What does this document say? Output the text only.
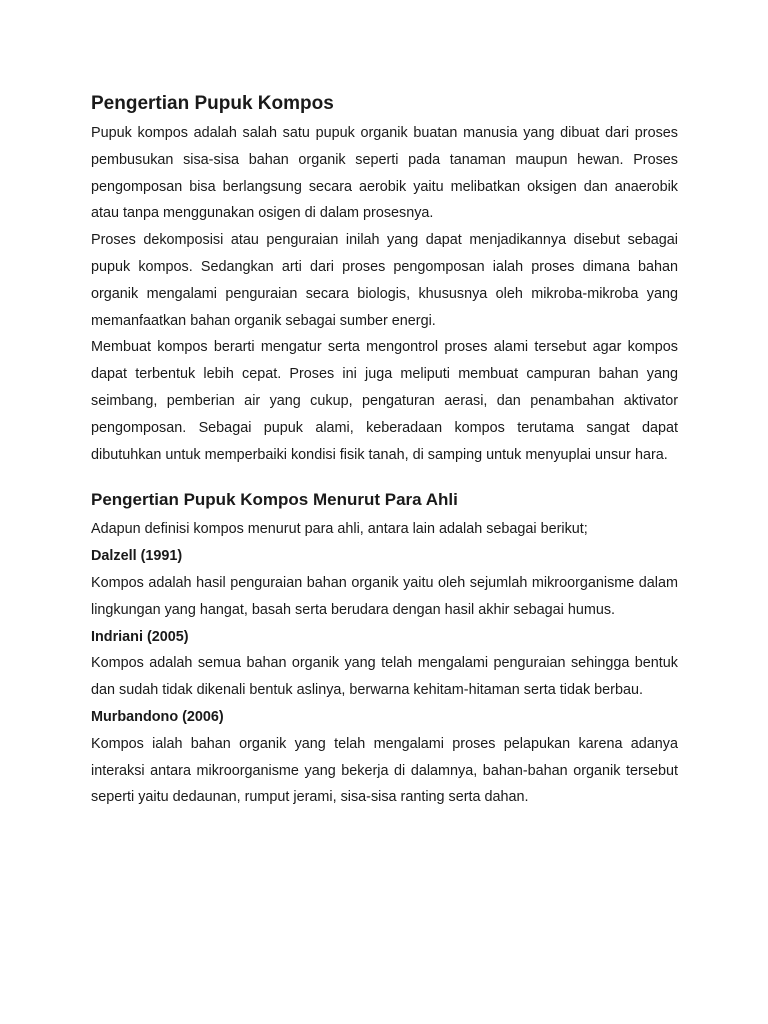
Pengertian Pupuk Kompos

Pupuk kompos adalah salah satu pupuk organik buatan manusia yang dibuat dari proses pembusukan sisa-sisa bahan organik seperti pada tanaman maupun hewan. Proses pengomposan bisa berlangsung secara aerobik yaitu melibatkan oksigen dan anaerobik atau tanpa menggunakan osigen di dalam prosesnya.

Proses dekomposisi atau penguraian inilah yang dapat menjadikannya disebut sebagai pupuk kompos. Sedangkan arti dari proses pengomposan ialah proses dimana bahan organik mengalami penguraian secara biologis, khususnya oleh mikroba-mikroba yang memanfaatkan bahan organik sebagai sumber energi.

Membuat kompos berarti mengatur serta mengontrol proses alami tersebut agar kompos dapat terbentuk lebih cepat. Proses ini juga meliputi membuat campuran bahan yang seimbang, pemberian air yang cukup, pengaturan aerasi, dan penambahan aktivator pengomposan. Sebagai pupuk alami, keberadaan kompos terutama sangat dapat dibutuhkan untuk memperbaiki kondisi fisik tanah, di samping untuk menyuplai unsur hara.

Pengertian Pupuk Kompos Menurut Para Ahli

Adapun definisi kompos menurut para ahli, antara lain adalah sebagai berikut;

Dalzell (1991)

Kompos adalah hasil penguraian bahan organik yaitu oleh sejumlah mikroorganisme dalam lingkungan yang hangat, basah serta berudara dengan hasil akhir sebagai humus.

Indriani (2005)

Kompos adalah semua bahan organik yang telah mengalami penguraian sehingga bentuk dan sudah tidak dikenali bentuk aslinya, berwarna kehitam-hitaman serta tidak berbau.

Murbandono (2006)

Kompos ialah bahan organik yang telah mengalami proses pelapukan karena adanya interaksi antara mikroorganisme yang bekerja di dalamnya, bahan-bahan organik tersebut seperti yaitu dedaunan, rumput jerami, sisa-sisa ranting serta dahan.
